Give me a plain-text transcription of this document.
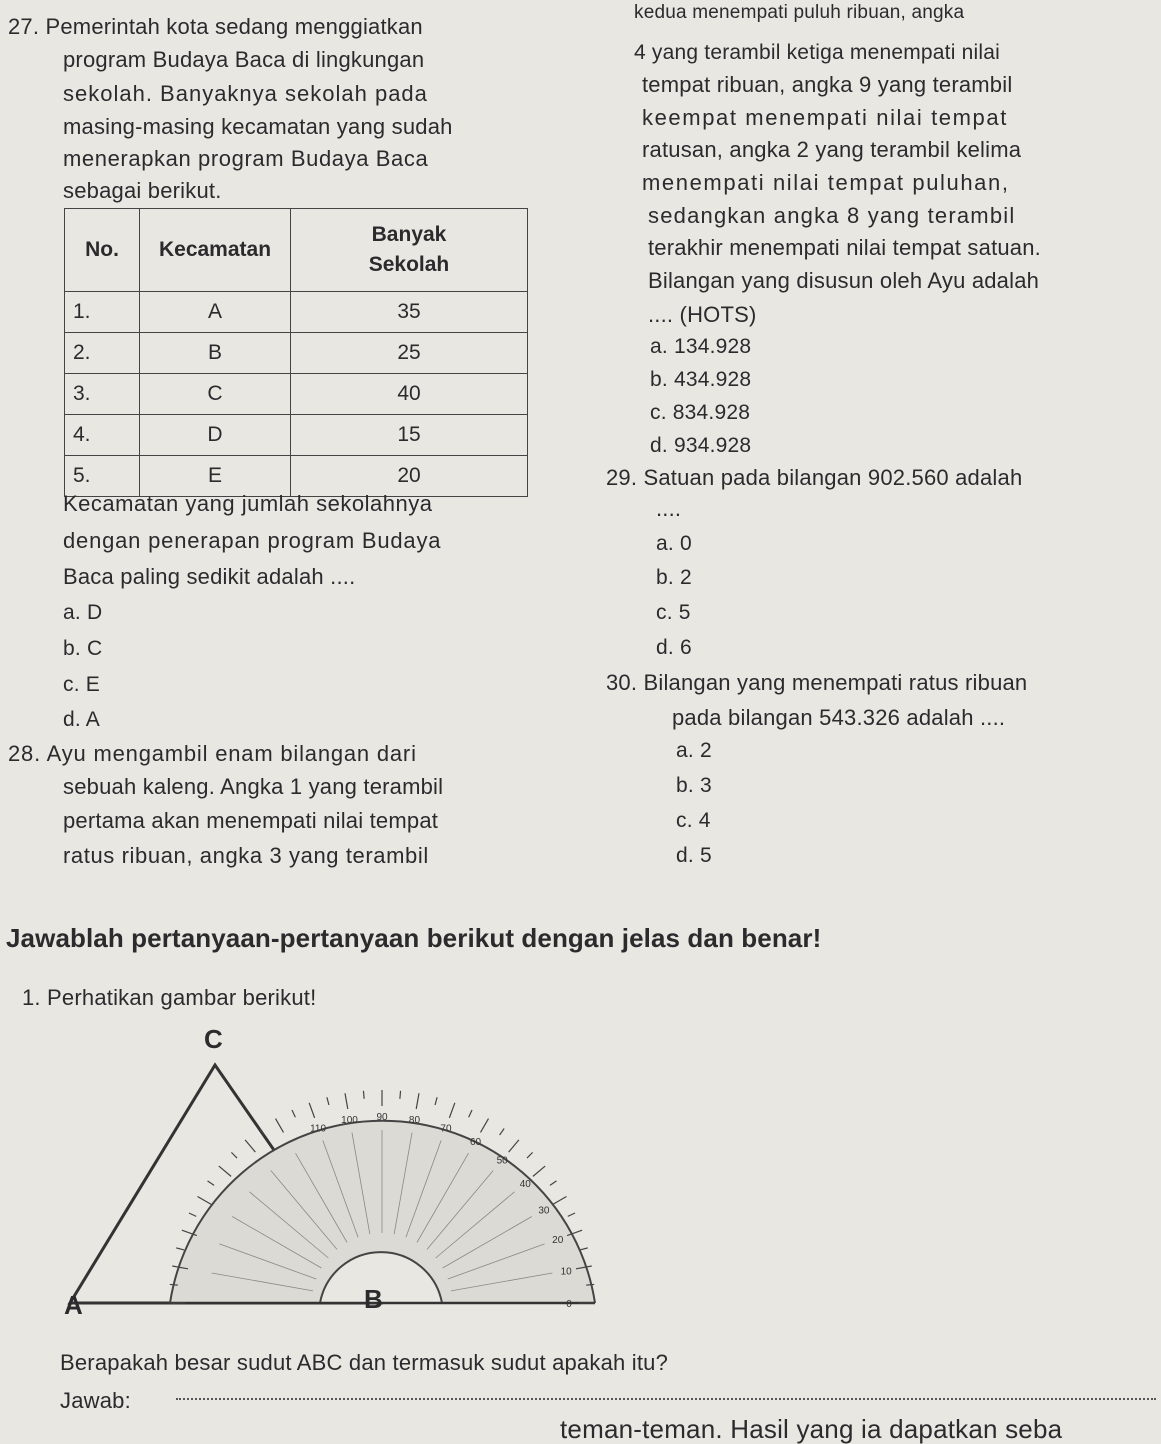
27. Pemerintah kota sedang menggiatkan
program Budaya Baca di lingkungan
sekolah. Banyaknya sekolah pada
masing-masing kecamatan yang sudah
menerapkan program Budaya Baca
sebagai berikut.
No.	Kecamatan	Banyak Sekolah
1.	A	35
2.	B	25
3.	C	40
4.	D	15
5.	E	20
Kecamatan yang jumlah sekolahnya
dengan penerapan program Budaya
Baca paling sedikit adalah ....
a. D
b. C
c. E
d. A
28. Ayu mengambil enam bilangan dari
sebuah kaleng. Angka 1 yang terambil
pertama akan menempati nilai tempat
ratus ribuan, angka 3 yang terambil
kedua menempati puluh ribuan, angka
4 yang terambil ketiga menempati nilai
tempat ribuan, angka 9 yang terambil
keempat menempati nilai tempat
ratusan, angka 2 yang terambil kelima
menempati nilai tempat puluhan,
sedangkan angka 8 yang terambil
terakhir menempati nilai tempat satuan.
Bilangan yang disusun oleh Ayu adalah
.... (HOTS)
a. 134.928
b. 434.928
c. 834.928
d. 934.928
29. Satuan pada bilangan 902.560 adalah
....
a. 0
b. 2
c. 5
d. 6
30. Bilangan yang menempati ratus ribuan
pada bilangan 543.326 adalah ....
a. 2
b. 3
c. 4
d. 5
Jawablah pertanyaan-pertanyaan berikut dengan jelas dan benar!
1. Perhatikan gambar berikut!
0
10
20
30
40
50
60
70
80
90
100
110
C
A	B
Berapakah besar sudut ABC dan termasuk sudut apakah itu?
Jawab:
teman-teman. Hasil yang ia dapatkan seba
